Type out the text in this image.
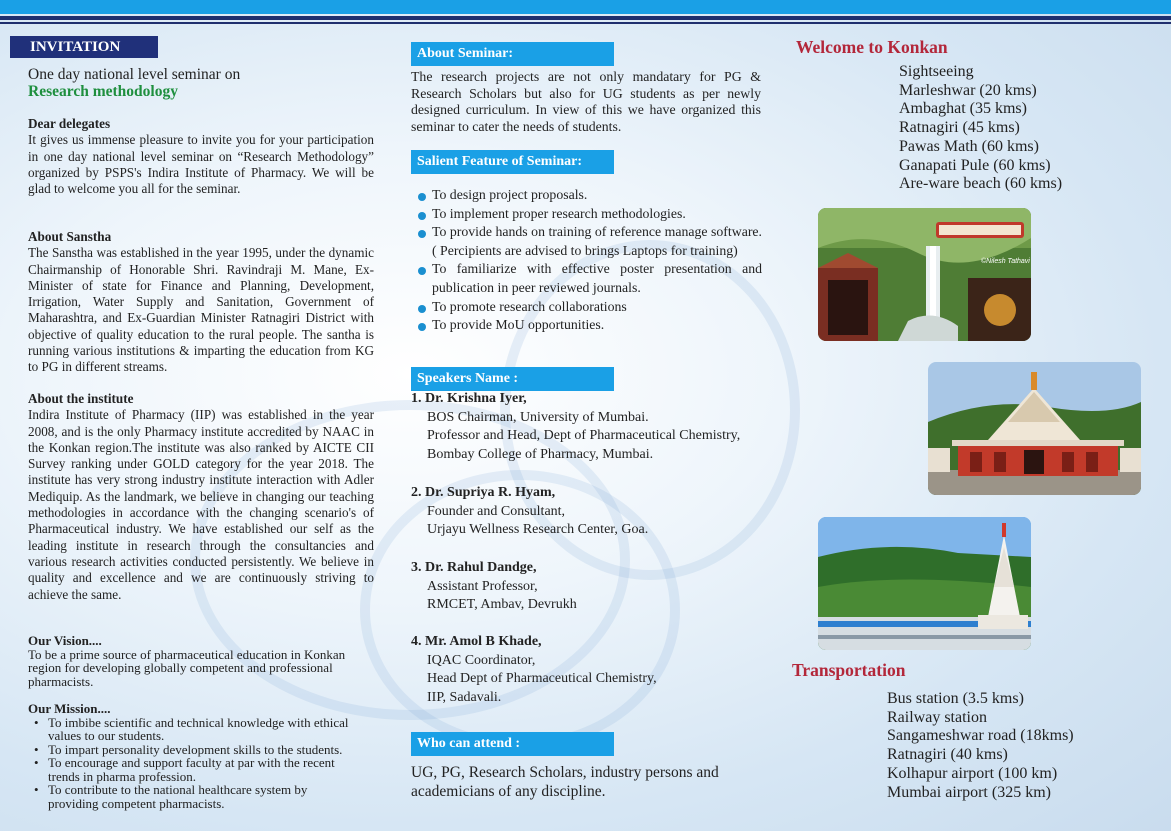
INVITATION
One day national level seminar on
Research methodology
Dear delegates
It gives us immense pleasure to invite you for your participation in one day national level seminar on “Research Methodology” organized by PSPS's Indira Institute of Pharmacy. We will be glad to welcome you all for the seminar.
About Sanstha
The Sanstha was established in the year 1995, under the dynamic Chairmanship of Honorable Shri. Ravindraji M. Mane, Ex-Minister of state for Finance and Planning, Development, Irrigation, Water Supply and Sanitation, Government of Maharashtra, and Ex-Guardian Minister Ratnagiri District with objective of quality education to the rural people. The santha is running various institutions & imparting the education from KG to PG in different streams.
About the institute
Indira Institute of Pharmacy (IIP) was established in the year 2008, and is the only Pharmacy institute accredited by NAAC in the Konkan region.The institute was also ranked by AICTE CII Survey ranking under GOLD category for the year 2018. The institute has very strong industry institute interaction with Adler Mediquip. As the landmark, we believe in changing our teaching methodologies in accordance with the changing scenario's of Pharmaceutical industry. We have established our self as the leading institute in research through the consultancies and various research activities conducted persistently. We believe in quality and excellence and we are continuously striving to achieve the same.
Our Vision....
To be a prime source of pharmaceutical education in Konkan region for developing globally competent and professional pharmacists.
Our Mission....
• To imbibe scientific and technical knowledge with ethical values to our students.
• To impart personality development skills to the students.
• To encourage and support faculty at par with the recent trends in pharma profession.
• To contribute to the national healthcare system by providing competent pharmacists.
About Seminar:
The research projects are not only mandatary for PG & Research Scholars but also for UG students as per newly designed curriculum. In view of this we have organized this seminar to cater the needs of students.
Salient Feature of Seminar:
To design project proposals.
To implement proper research methodologies.
To provide hands on training of reference manage software. ( Percipients are advised to brings Laptops for training)
To familiarize with effective poster presentation and publication in peer reviewed journals.
To promote research collaborations
To provide MoU opportunities.
Speakers Name :
1. Dr. Krishna Iyer,
BOS Chairman, University of Mumbai.
Professor and Head, Dept of Pharmaceutical Chemistry,
Bombay College of Pharmacy, Mumbai.
2. Dr. Supriya R. Hyam,
Founder and Consultant,
Urjayu Wellness Research Center, Goa.
3. Dr. Rahul Dandge,
Assistant Professor,
RMCET, Ambav, Devrukh
4. Mr. Amol B Khade,
IQAC Coordinator,
Head Dept of Pharmaceutical Chemistry,
IIP, Sadavali.
Who can attend :
UG, PG, Research Scholars, industry persons and academicians of any discipline.
Welcome to Konkan
Sightseeing
Marleshwar (20 kms)
Ambaghat (35 kms)
Ratnagiri (45 kms)
Pawas Math (60 kms)
Ganapati Pule (60 kms)
Are-ware beach (60 kms)
©Nilesh Tathavi
Transportation
Bus station (3.5 kms)
Railway station
Sangameshwar road (18kms)
Ratnagiri (40 kms)
Kolhapur airport (100 km)
Mumbai airport (325 km)
